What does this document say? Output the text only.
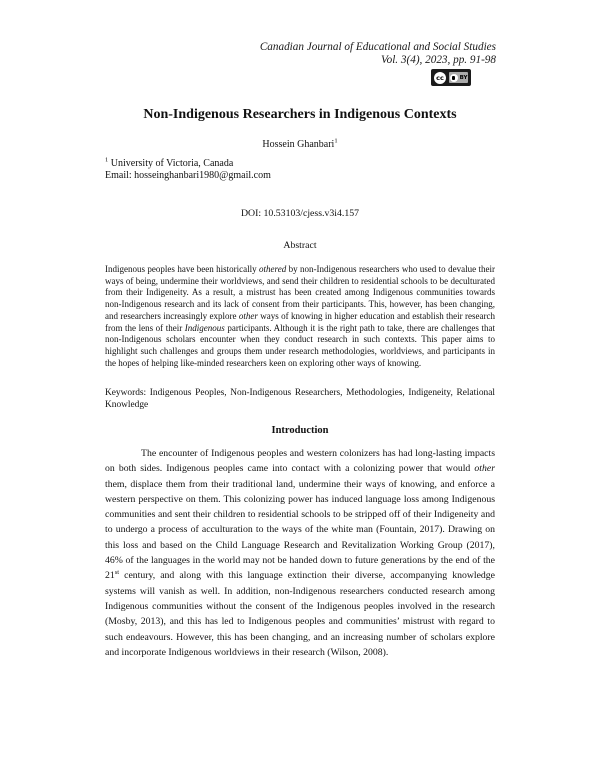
Canadian Journal of Educational and Social Studies
Vol. 3(4), 2023, pp. 91-98
cc	BY
Non-Indigenous Researchers in Indigenous Contexts
Hossein Ghanbari$^1$
$^1$ University of Victoria, Canada
Email: hosseinghanbari1980@gmail.com
DOI: 10.53103/cjess.v3i4.157
Abstract

Indigenous peoples have been historically othered by non-Indigenous researchers who used to devalue their ways of being, undermine their worldviews, and send their children to residential schools to be deculturated from their Indigeneity. As a result, a mistrust has been created among Indigenous communities towards non-Indigenous research and its lack of consent from their participants. This, however, has been changing, and researchers increasingly explore other ways of knowing in higher education and establish their research from the lens of their Indigenous participants. Although it is the right path to take, there are challenges that non-Indigenous scholars encounter when they conduct research in such contexts. This paper aims to highlight such challenges and groups them under research methodologies, worldviews, and participants in the hopes of helping like-minded researchers keen on exploring other ways of knowing.

Keywords: Indigenous Peoples, Non-Indigenous Researchers, Methodologies, Indigeneity, Relational Knowledge

Introduction

The encounter of Indigenous peoples and western colonizers has had long-lasting impacts on both sides. Indigenous peoples came into contact with a colonizing power that would other them, displace them from their traditional land, undermine their ways of knowing, and enforce a western perspective on them. This colonizing power has induced language loss among Indigenous communities and sent their children to residential schools to be stripped off of their Indigeneity and to undergo a process of acculturation to the ways of the white man (Fountain, 2017). Drawing on this loss and based on the Child Language Research and Revitalization Working Group (2017), 46% of the languages in the world may not be handed down to future generations by the end of the 21st century, and along with this language extinction their diverse, accompanying knowledge systems will vanish as well. In addition, non-Indigenous researchers conducted research among Indigenous communities without the consent of the Indigenous peoples involved in the research (Mosby, 2013), and this has led to Indigenous peoples and communities’ mistrust with regard to such endeavours. However, this has been changing, and an increasing number of scholars explore and incorporate Indigenous worldviews in their research (Wilson, 2008).
